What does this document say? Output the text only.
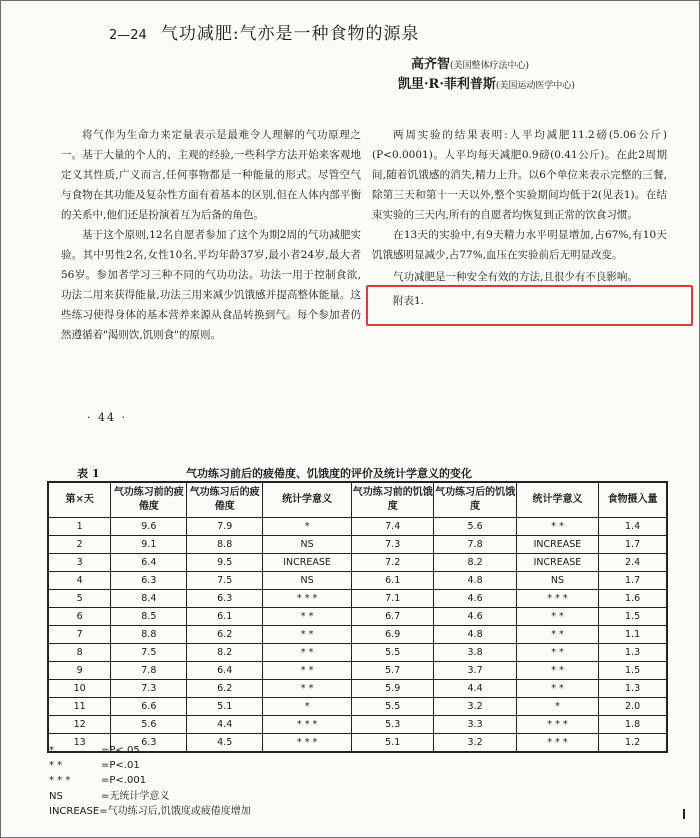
2—24 气功减肥:气亦是一种食物的源泉
高齐智(美国整体疗法中心)
凯里·R·菲利普斯(美国运动医学中心)

将气作为生命力来定量表示是最难令人理解的气功原理之一。基于大量的个人的、主观的经验,一些科学方法开始来客观地定义其性质,广义而言,任何事物都是一种能量的形式。尽管空气与食物在其功能及复杂性方面有着基本的区别,但在人体内部平衡的关系中,他们还是扮演着互为后备的角色。

基于这个原则,12名自愿者参加了这个为期2周的气功减肥实验。其中男性2名,女性10名,平均年龄37岁,最小者24岁,最大者56岁。参加者学习三种不同的气功功法。功法一用于控制食欲,功法二用来获得能量,功法三用来减少饥饿感并提高整体能量。这些练习使得身体的基本营养来源从食品转换到气。每个参加者仍然遵循着"渴则饮,饥则食"的原则。

两周实验的结果表明:人平均减肥11.2磅(5.06公斤)(P<0.0001)。人平均每天减肥0.9磅(0.41公斤)。在此2周期间,随着饥饿感的消失,精力上升。以6个单位来表示完整的三餐,除第三天和第十一天以外,整个实验期间均低于2(见表1)。在结束实验的三天内,所有的自愿者均恢复到正常的饮食习惯。

在13天的实验中,有9天精力水平明显增加,占67%,有10天饥饿感明显减少,占77%,血压在实验前后无明显改变。

气功减肥是一种安全有效的方法,且很少有不良影响。

附表1.

· 44 ·
表 1	气功练习前后的疲倦度、饥饿度的评价及统计学意义的变化
第×天	气功练习前的疲倦度	气功练习后的疲倦度	统计学意义	气功练习前的饥饿度	气功练习后的饥饿度	统计学意义	食物摄入量
1	9.6	7.9	*	7.4	5.6	* *	1.4
2	9.1	8.8	NS	7.3	7.8	INCREASE	1.7
3	6.4	9.5	INCREASE	7.2	8.2	INCREASE	2.4
4	6.3	7.5	NS	6.1	4.8	NS	1.7
5	8.4	6.3	* * *	7.1	4.6	* * *	1.6
6	8.5	6.1	* *	6.7	4.6	* *	1.5
7	8.8	6.2	* *	6.9	4.8	* *	1.1
8	7.5	8.2	* *	5.5	3.8	* *	1.3
9	7.8	6.4	* *	5.7	3.7	* *	1.5
10	7.3	6.2	* *	5.9	4.4	* *	1.3
11	6.6	5.1	*	5.5	3.2	*	2.0
12	5.6	4.4	* * *	5.3	3.3	* * *	1.8
13	6.3	4.5	* * *	5.1	3.2	* * *	1.2
*	=P<.05
* *	=P<.01
* * *	=P<.001
NS	=无统计学意义
INCREASE =气功练习后,饥饿度或疲倦度增加
